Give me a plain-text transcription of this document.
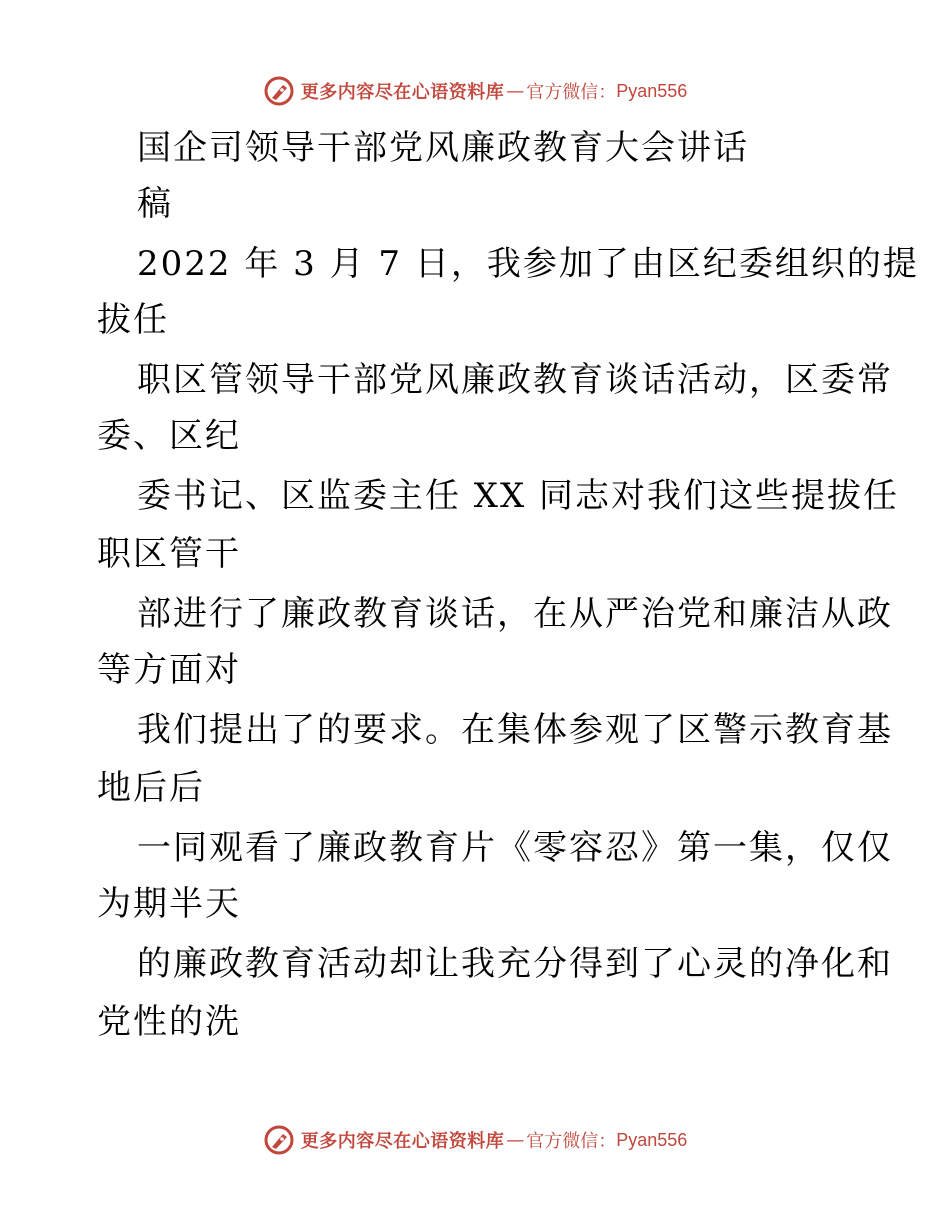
更多内容尽在心语资料库 — 官方微信： Pyan556
国企司领导干部党风廉政教育大会讲话
稿
2022 年 3 月 7 日，我参加了由区纪委组织的提
拔任
职区管领导干部党风廉政教育谈话活动，区委常
委、区纪
委书记、区监委主任 XX 同志对我们这些提拔任
职区管干
部进行了廉政教育谈话，在从严治党和廉洁从政
等方面对
我们提出了的要求。在集体参观了区警示教育基
地后后
一同观看了廉政教育片《零容忍》第一集，仅仅
为期半天
的廉政教育活动却让我充分得到了心灵的净化和
党性的洗
更多内容尽在心语资料库 — 官方微信： Pyan556
